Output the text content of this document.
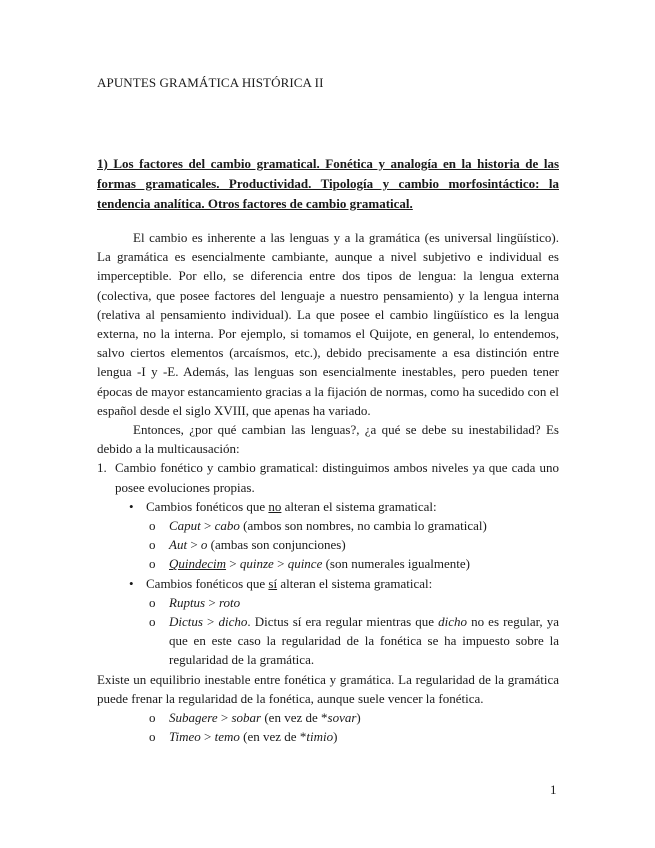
APUNTES GRAMÁTICA HISTÓRICA II
1) Los factores del cambio gramatical. Fonética y analogía en la historia de las formas gramaticales. Productividad. Tipología y cambio morfosintáctico: la tendencia analítica. Otros factores de cambio gramatical.

El cambio es inherente a las lenguas y a la gramática (es universal lingüístico). La gramática es esencialmente cambiante, aunque a nivel subjetivo e individual es imperceptible. Por ello, se diferencia entre dos tipos de lengua: la lengua externa (colectiva, que posee factores del lenguaje a nuestro pensamiento) y la lengua interna (relativa al pensamiento individual). La que posee el cambio lingüístico es la lengua externa, no la interna. Por ejemplo, si tomamos el Quijote, en general, lo entendemos, salvo ciertos elementos (arcaísmos, etc.), debido precisamente a esa distinción entre lengua -I y -E. Además, las lenguas son esencialmente inestables, pero pueden tener épocas de mayor estancamiento gracias a la fijación de normas, como ha sucedido con el español desde el siglo XVIII, que apenas ha variado.

Entonces, ¿por qué cambian las lenguas?, ¿a qué se debe su inestabilidad? Es debido a la multicausación:

1. Cambio fonético y cambio gramatical: distinguimos ambos niveles ya que cada uno posee evoluciones propias.
• Cambios fonéticos que no alteran el sistema gramatical:
o Caput > cabo (ambos son nombres, no cambia lo gramatical)
o Aut > o (ambas son conjunciones)
o Quindecim > quinze > quince (son numerales igualmente)
• Cambios fonéticos que sí alteran el sistema gramatical:
o Ruptus > roto
o Dictus > dicho. Dictus sí era regular mientras que dicho no es regular, ya que en este caso la regularidad de la fonética se ha impuesto sobre la regularidad de la gramática.

Existe un equilibrio inestable entre fonética y gramática. La regularidad de la gramática puede frenar la regularidad de la fonética, aunque suele vencer la fonética.

o Subagere > sobar (en vez de *sovar)
o Timeo > temo (en vez de *timio)
1
